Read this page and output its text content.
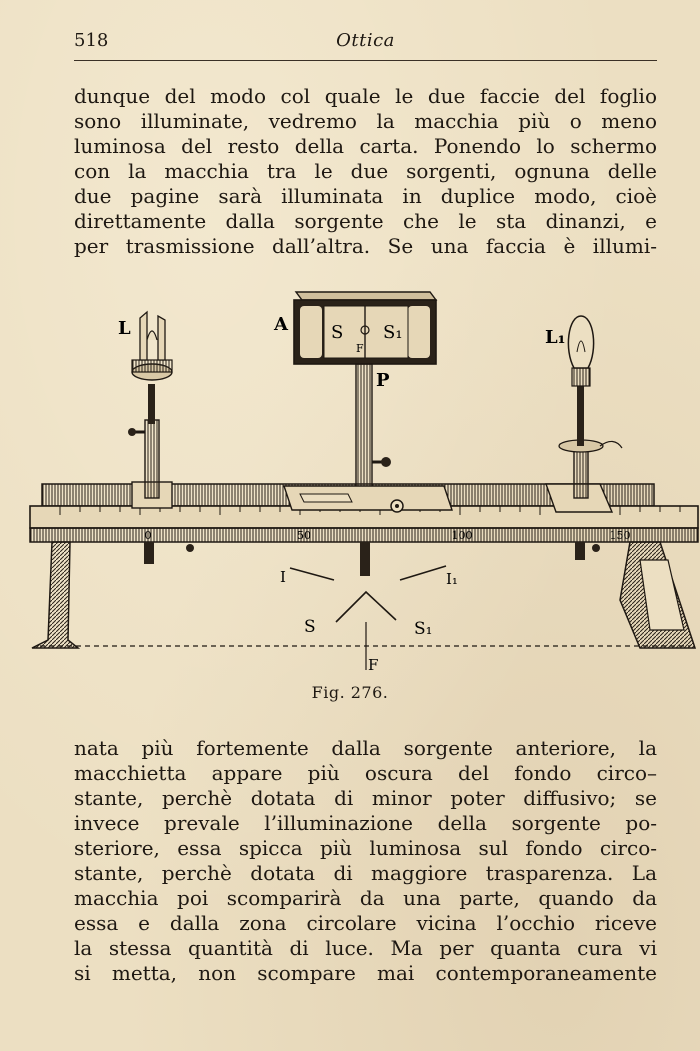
518	Ottica
dunque del modo col quale le due faccie del foglio
sono illuminate, vedremo la macchia più o meno
luminosa del resto della carta. Ponendo lo schermo
con la macchia tra le due sorgenti, ognuna delle
due pagine sarà illuminata in duplice modo, cioè
direttamente dalla sorgente che le sta dinanzi, e
per trasmissione dall’altra. Se una faccia è illumi-
0	50	100	150
L	S
F
S₁
A
P
L₁
I	I₁
S	S₁
F
Fig. 276.
nata più fortemente dalla sorgente anteriore, la
macchietta appare più oscura del fondo circo–
stante, perchè dotata di minor poter diffusivo; se
invece prevale l’illuminazione della sorgente po-
steriore, essa spicca più luminosa sul fondo circo-
stante, perchè dotata di maggiore trasparenza. La
macchia poi scomparirà da una parte, quando da
essa e dalla zona circolare vicina l’occhio riceve
la stessa quantità di luce. Ma per quanta cura vi
si metta, non scompare mai contemporaneamente
